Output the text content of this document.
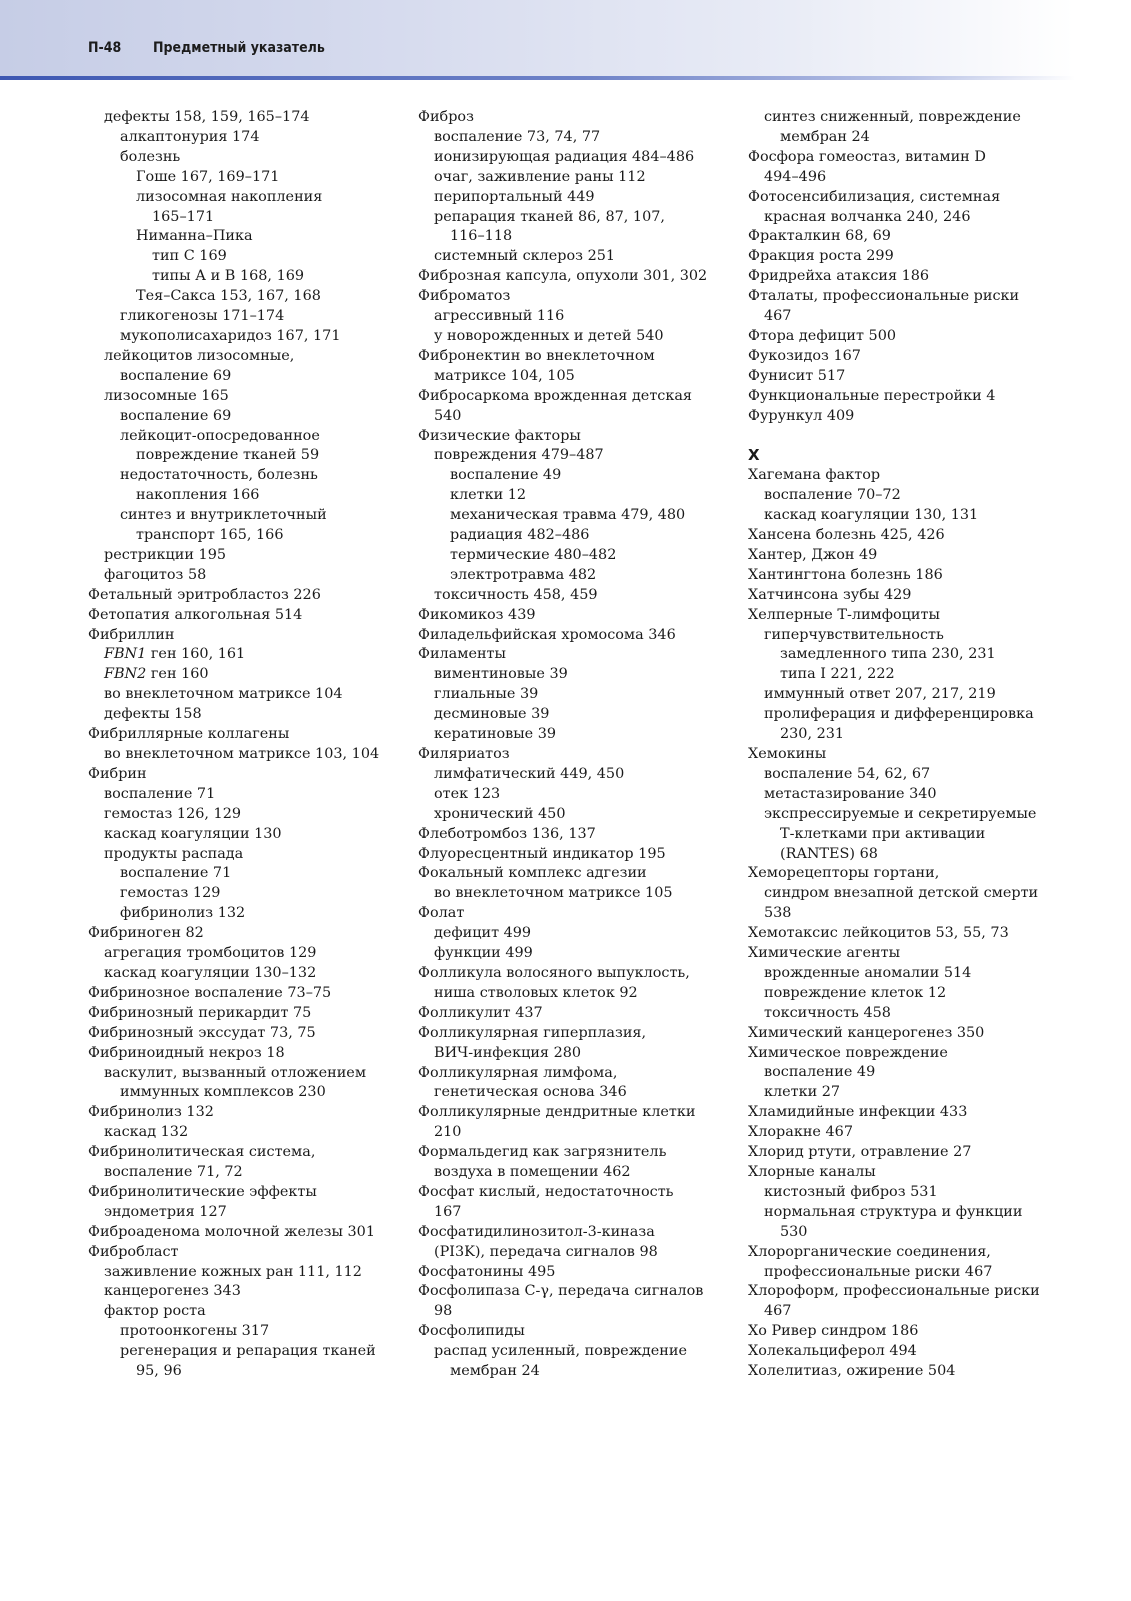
П-48 Предметный указатель
дефекты 158, 159, 165–174
алкаптонурия 174
болезнь
Гоше 167, 169–171
лизосомная накопления
165–171
Ниманна–Пика
тип С 169
типы А и В 168, 169
Тея–Сакса 153, 167, 168
гликогенозы 171–174
мукополисахаридоз 167, 171
лейкоцитов лизосомные,
воспаление 69
лизосомные 165
воспаление 69
лейкоцит-опосредованное
повреждение тканей 59
недостаточность, болезнь
накопления 166
синтез и внутриклеточный
транспорт 165, 166
рестрикции 195
фагоцитоз 58
Фетальный эритробластоз 226
Фетопатия алкогольная 514
Фибриллин
FBN1 ген 160, 161
FBN2 ген 160
во внеклеточном матриксе 104
дефекты 158
Фибриллярные коллагены
во внеклеточном матриксе 103, 104
Фибрин
воспаление 71
гемостаз 126, 129
каскад коагуляции 130
продукты распада
воспаление 71
гемостаз 129
фибринолиз 132
Фибриноген 82
агрегация тромбоцитов 129
каскад коагуляции 130–132
Фибринозное воспаление 73–75
Фибринозный перикардит 75
Фибринозный экссудат 73, 75
Фибриноидный некроз 18
васкулит, вызванный отложением
иммунных комплексов 230
Фибринолиз 132
каскад 132
Фибринолитическая система,
воспаление 71, 72
Фибринолитические эффекты
эндометрия 127
Фиброаденома молочной железы 301
Фибробласт
заживление кожных ран 111, 112
канцерогенез 343
фактор роста
протоонкогены 317
регенерация и репарация тканей
95, 96
Фиброз
воспаление 73, 74, 77
ионизирующая радиация 484–486
очаг, заживление раны 112
перипортальный 449
репарация тканей 86, 87, 107,
116–118
системный склероз 251
Фиброзная капсула, опухоли 301, 302
Фиброматоз
агрессивный 116
у новорожденных и детей 540
Фибронектин во внеклеточном
матриксе 104, 105
Фибросаркома врожденная детская
540
Физические факторы
повреждения 479–487
воспаление 49
клетки 12
механическая травма 479, 480
радиация 482–486
термические 480–482
электротравма 482
токсичность 458, 459
Фикомикоз 439
Филадельфийская хромосома 346
Филаменты
виментиновые 39
глиальные 39
десминовые 39
кератиновые 39
Филяриатоз
лимфатический 449, 450
отек 123
хронический 450
Флеботромбоз 136, 137
Флуоресцентный индикатор 195
Фокальный комплекс адгезии
во внеклеточном матриксе 105
Фолат
дефицит 499
функции 499
Фолликула волосяного выпуклость,
ниша стволовых клеток 92
Фолликулит 437
Фолликулярная гиперплазия,
ВИЧ-инфекция 280
Фолликулярная лимфома,
генетическая основа 346
Фолликулярные дендритные клетки
210
Формальдегид как загрязнитель
воздуха в помещении 462
Фосфат кислый, недостаточность
167
Фосфатидилинозитол-3-киназа
(PI3K), передача сигналов 98
Фосфатонины 495
Фосфолипаза С-γ, передача сигналов
98
Фосфолипиды
распад усиленный, повреждение
мембран 24
синтез сниженный, повреждение
мембран 24
Фосфора гомеостаз, витамин D
494–496
Фотосенсибилизация, системная
красная волчанка 240, 246
Фракталкин 68, 69
Фракция роста 299
Фридрейха атаксия 186
Фталаты, профессиональные риски
467
Фтора дефицит 500
Фукозидоз 167
Фунисит 517
Функциональные перестройки 4
Фурункул 409
X
Хагемана фактор
воспаление 70–72
каскад коагуляции 130, 131
Хансена болезнь 425, 426
Хантер, Джон 49
Хантингтона болезнь 186
Хатчинсона зубы 429
Хелперные Т-лимфоциты
гиперчувствительность
замедленного типа 230, 231
типа I 221, 222
иммунный ответ 207, 217, 219
пролиферация и дифференцировка
230, 231
Хемокины
воспаление 54, 62, 67
метастазирование 340
экспрессируемые и секретируемые
Т-клетками при активации
(RANTES) 68
Хеморецепторы гортани,
синдром внезапной детской смерти
538
Хемотаксис лейкоцитов 53, 55, 73
Химические агенты
врожденные аномалии 514
повреждение клеток 12
токсичность 458
Химический канцерогенез 350
Химическое повреждение
воспаление 49
клетки 27
Хламидийные инфекции 433
Хлоракне 467
Хлорид ртути, отравление 27
Хлорные каналы
кистозный фиброз 531
нормальная структура и функции
530
Хлорорганические соединения,
профессиональные риски 467
Хлороформ, профессиональные риски
467
Хо Ривер синдром 186
Холекальциферол 494
Холелитиаз, ожирение 504
